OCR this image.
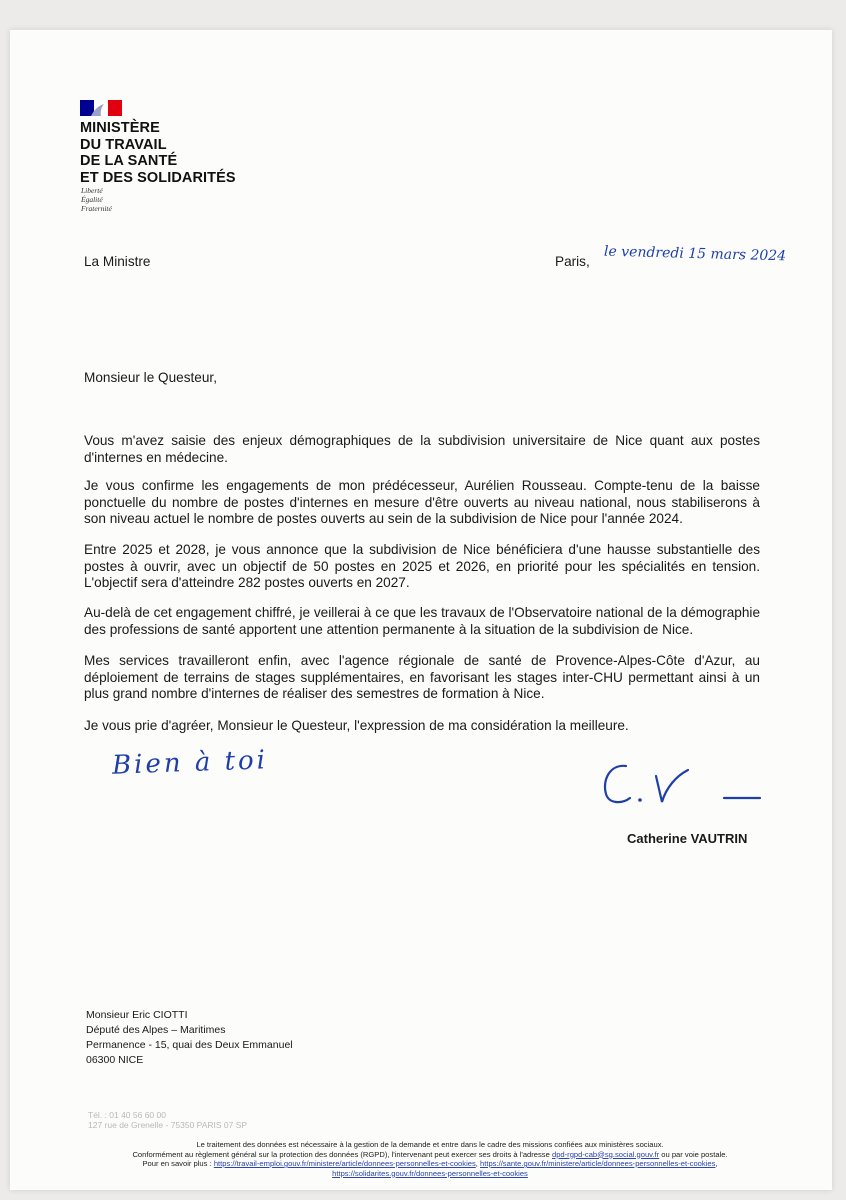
MINISTÈRE
DU TRAVAIL
DE LA SANTÉ
ET DES SOLIDARITÉS
Liberté
Égalité
Fraternité
La Ministre	Paris, le vendredi 15 mars 2024
Monsieur le Questeur,
Vous m'avez saisie des enjeux démographiques de la subdivision universitaire de Nice quant aux postes d'internes en médecine.
Je vous confirme les engagements de mon prédécesseur, Aurélien Rousseau. Compte-tenu de la baisse ponctuelle du nombre de postes d'internes en mesure d'être ouverts au niveau national, nous stabiliserons à son niveau actuel le nombre de postes ouverts au sein de la subdivision de Nice pour l'année 2024.
Entre 2025 et 2028, je vous annonce que la subdivision de Nice bénéficiera d'une hausse substantielle des postes à ouvrir, avec un objectif de 50 postes en 2025 et 2026, en priorité pour les spécialités en tension. L'objectif sera d'atteindre 282 postes ouverts en 2027.
Au-delà de cet engagement chiffré, je veillerai à ce que les travaux de l'Observatoire national de la démographie des professions de santé apportent une attention permanente à la situation de la subdivision de Nice.
Mes services travailleront enfin, avec l'agence régionale de santé de Provence-Alpes-Côte d'Azur, au déploiement de terrains de stages supplémentaires, en favorisant les stages inter-CHU permettant ainsi à un plus grand nombre d'internes de réaliser des semestres de formation à Nice.
Je vous prie d'agréer, Monsieur le Questeur, l'expression de ma considération la meilleure.
Bien à toi
Catherine VAUTRIN
Monsieur Eric CIOTTI
Député des Alpes – Maritimes
Permanence - 15, quai des Deux Emmanuel
06300 NICE
Tél. : 01 40 56 60 00
127 rue de Grenelle - 75350 PARIS 07 SP
Le traitement des données est nécessaire à la gestion de la demande et entre dans le cadre des missions confiées aux ministères sociaux.
Conformément au règlement général sur la protection des données (RGPD), l'intervenant peut exercer ses droits à l'adresse dpd-rgpd-cab@sg.social.gouv.fr ou par voie postale.
Pour en savoir plus : https://travail-emploi.gouv.fr/ministere/article/donnees-personnelles-et-cookies, https://sante.gouv.fr/ministere/article/donnees-personnelles-et-cookies,
https://solidarites.gouv.fr/donnees-personnelles-et-cookies
